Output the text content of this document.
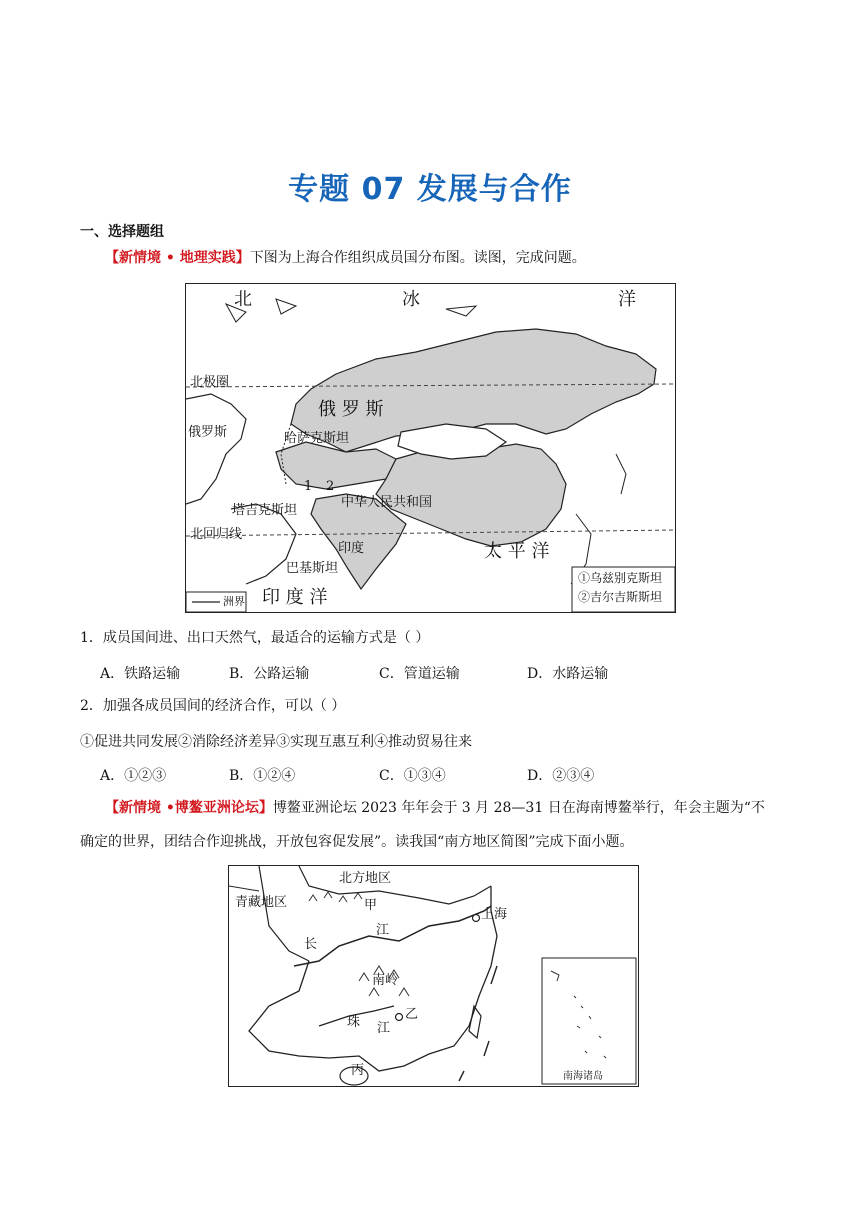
专题 07 发展与合作
一、选择题组
【新情境 • 地理实践】下图为上海合作组织成员国分布图。读图，完成问题。
北	冰	洋
北极圈
俄 罗 斯
俄罗斯	哈萨克斯坦
1 2
中华人民共和国
塔吉克斯坦
北回归线
印度
巴基斯坦
太 平 洋
印 度 洋
洲界
①乌兹别克斯坦
②吉尔吉斯斯坦
1．成员国间进、出口天然气，最适合的运输方式是（ ）
A．铁路运输	B．公路运输	C．管道运输	D．水路运输
2．加强各成员国间的经济合作，可以（ ）
①促进共同发展②消除经济差异③实现互惠互利④推动贸易往来
A．①②③	B．①②④	C．①③④	D．②③④
【新情境 •博鳌亚洲论坛】博鳌亚洲论坛 2023 年年会于 3 月 28—31 日在海南博鳌举行，年会主题为“不
确定的世界，团结合作迎挑战，开放包容促发展”。读我国“南方地区简图”完成下面小题。
北方地区
青藏地区	甲
上海
长
江
南岭
珠 江
乙
丙	南海诸岛
